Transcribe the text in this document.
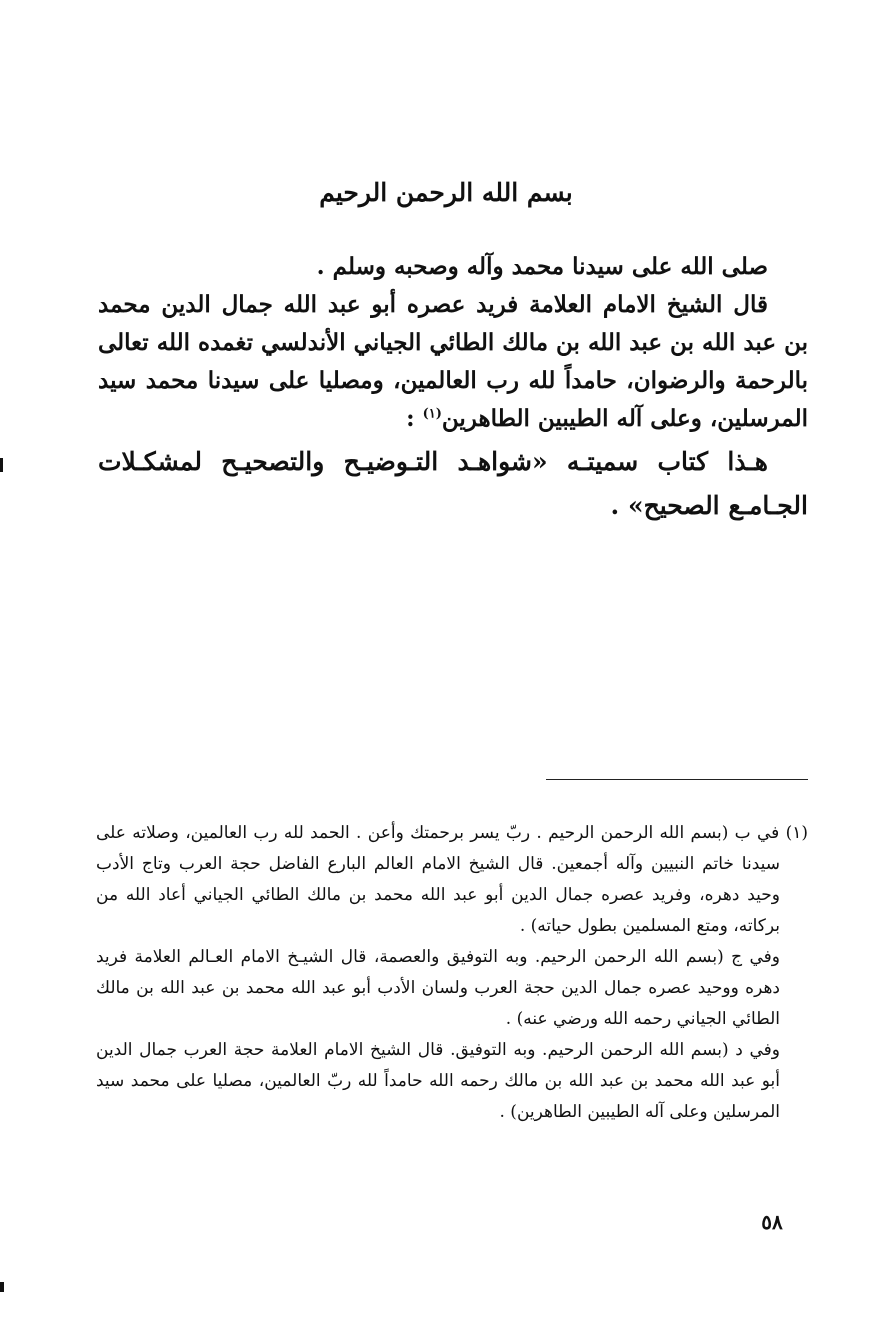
بسم الله الرحمن الرحيم

صلى الله على سيدنا محمد وآله وصحبه وسلم .

قال الشيخ الامام العلامة فريد عصره أبو عبد الله جمال الدين محمد بن عبد الله بن عبد الله بن مالك الطائي الجياني الأندلسي تغمده الله تعالى بالرحمة والرضوان، حامداً لله رب العالمين، ومصليا على سيدنا محمد سيد المرسلين، وعلى آله الطيبين الطاهرين$^{(١)}$ :

هـذا كتاب سميتـه «شواهـد التـوضيـح والتصحيـح لمشكـلات الجـامـع الصحيح» .

(١) في ب (بسم الله الرحمن الرحيم . ربّ يسر برحمتك وأعن . الحمد لله رب العالمين، وصلاته على سيدنا خاتم النبيين وآله أجمعين. قال الشيخ الامام العالم البارع الفاضل حجة العرب وتاج الأدب وحيد دهره، وفريد عصره جمال الدين أبو عبد الله محمد بن مالك الطائي الجياني أعاد الله من بركاته، ومتع المسلمين بطول حياته) .

وفي ج (بسم الله الرحمن الرحيم. وبه التوفيق والعصمة، قال الشيـخ الامام العـالم العلامة فريد دهره ووحيد عصره جمال الدين حجة العرب ولسان الأدب أبو عبد الله محمد بن عبد الله بن مالك الطائي الجياني رحمه الله ورضي عنه) .

وفي د (بسم الله الرحمن الرحيم. وبه التوفيق. قال الشيخ الامام العلامة حجة العرب جمال الدين أبو عبد الله محمد بن عبد الله بن مالك رحمه الله حامداً لله ربّ العالمين، مصليا على محمد سيد المرسلين وعلى آله الطيبين الطاهرين) .

٥٨
